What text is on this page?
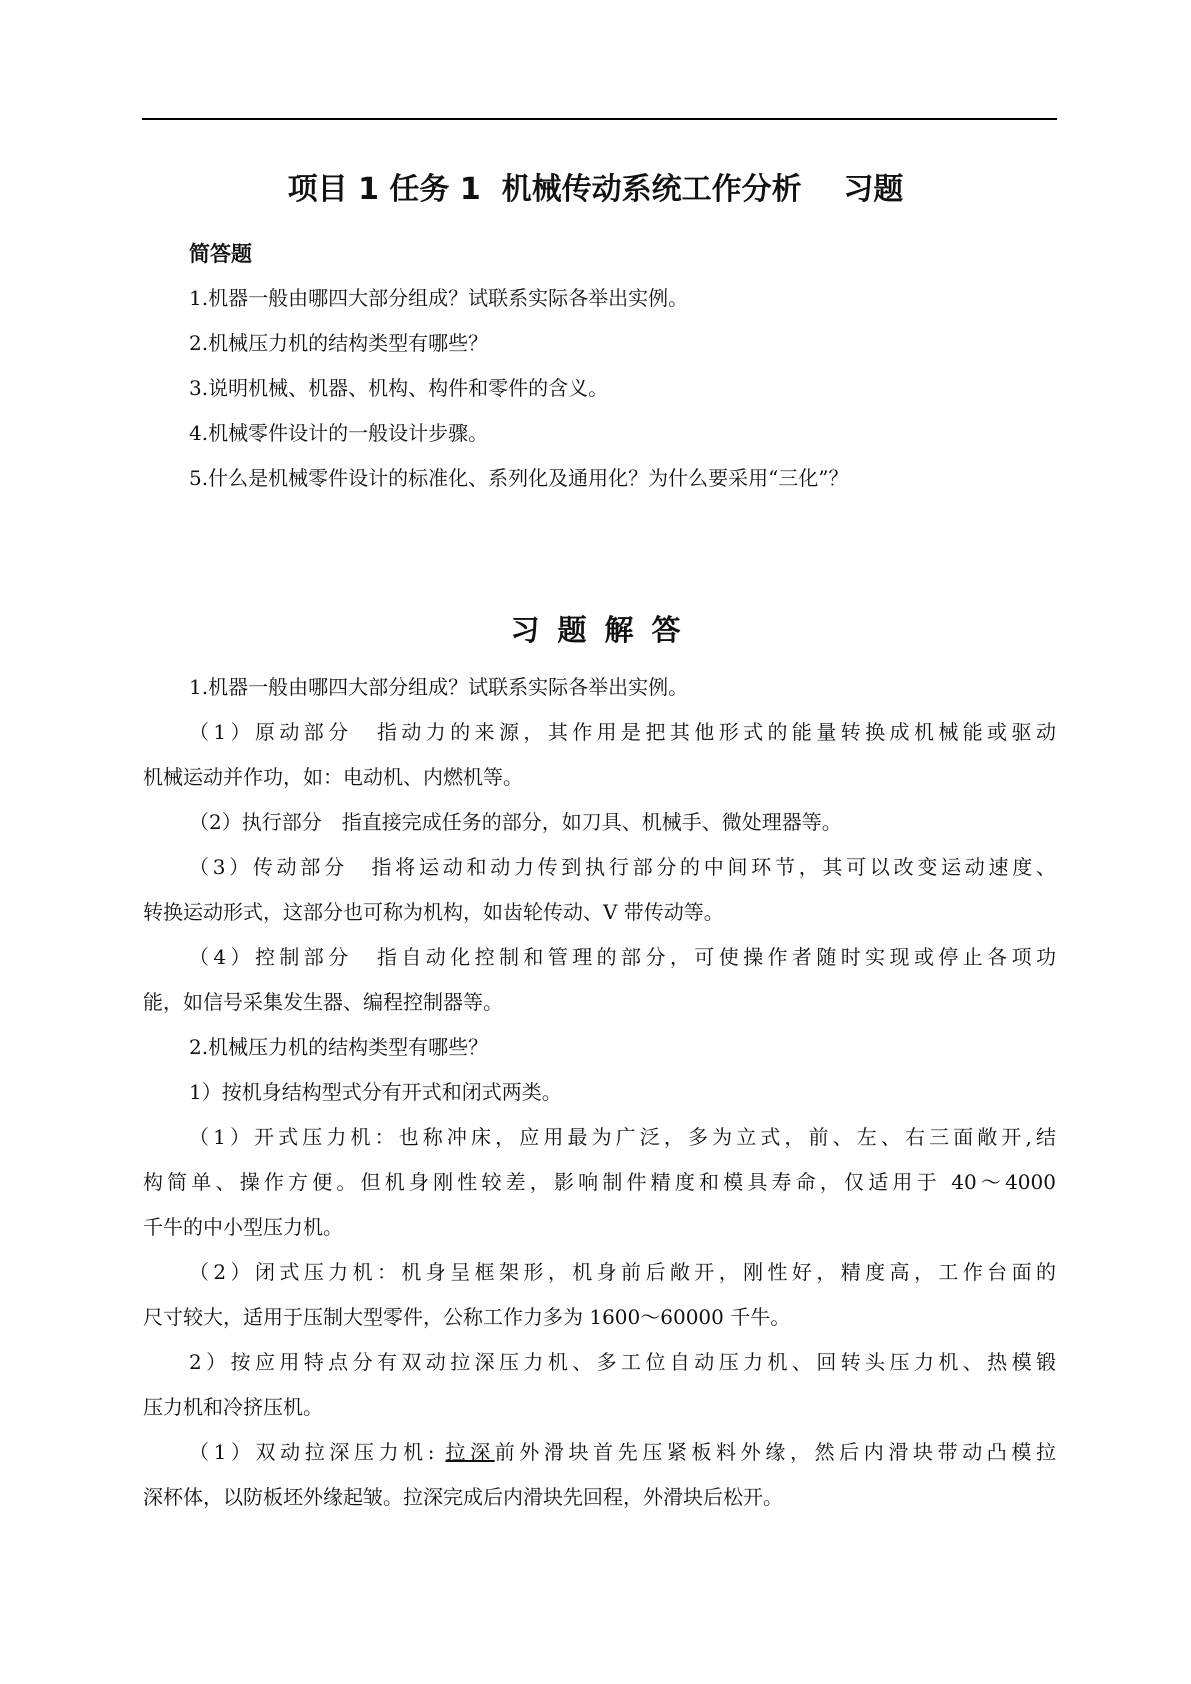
项目 1 任务 1  机械传动系统工作分析    习题
简答题
1.机器一般由哪四大部分组成？试联系实际各举出实例。
2.机械压力机的结构类型有哪些？
3.说明机械、机器、机构、构件和零件的含义。
4.机械零件设计的一般设计步骤。
5.什么是机械零件设计的标准化、系列化及通用化？为什么要采用“三化”？
习题解答
1.机器一般由哪四大部分组成？试联系实际各举出实例。
（1）原动部分　指动力的来源，其作用是把其他形式的能量转换成机械能或驱动
机械运动并作功，如：电动机、内燃机等。
（2）执行部分　指直接完成任务的部分，如刀具、机械手、微处理器等。
（3）传动部分　指将运动和动力传到执行部分的中间环节，其可以改变运动速度、
转换运动形式，这部分也可称为机构，如齿轮传动、V 带传动等。
（4）控制部分　指自动化控制和管理的部分，可使操作者随时实现或停止各项功
能，如信号采集发生器、编程控制器等。
2.机械压力机的结构类型有哪些？
1）按机身结构型式分有开式和闭式两类。
（1）开式压力机：也称冲床，应用最为广泛，多为立式，前、左、右三面敞开,结
构简单、操作方便。但机身刚性较差，影响制件精度和模具寿命，仅适用于 40～4000
千牛的中小型压力机。
（2）闭式压力机：机身呈框架形，机身前后敞开，刚性好，精度高，工作台面的
尺寸较大，适用于压制大型零件，公称工作力多为 1600～60000 千牛。
2）按应用特点分有双动拉深压力机、多工位自动压力机、回转头压力机、热模锻
压力机和冷挤压机。
（1）双动拉深压力机: 拉深前外滑块首先压紧板料外缘，然后内滑块带动凸模拉
深杯体，以防板坯外缘起皱。拉深完成后内滑块先回程，外滑块后松开。
